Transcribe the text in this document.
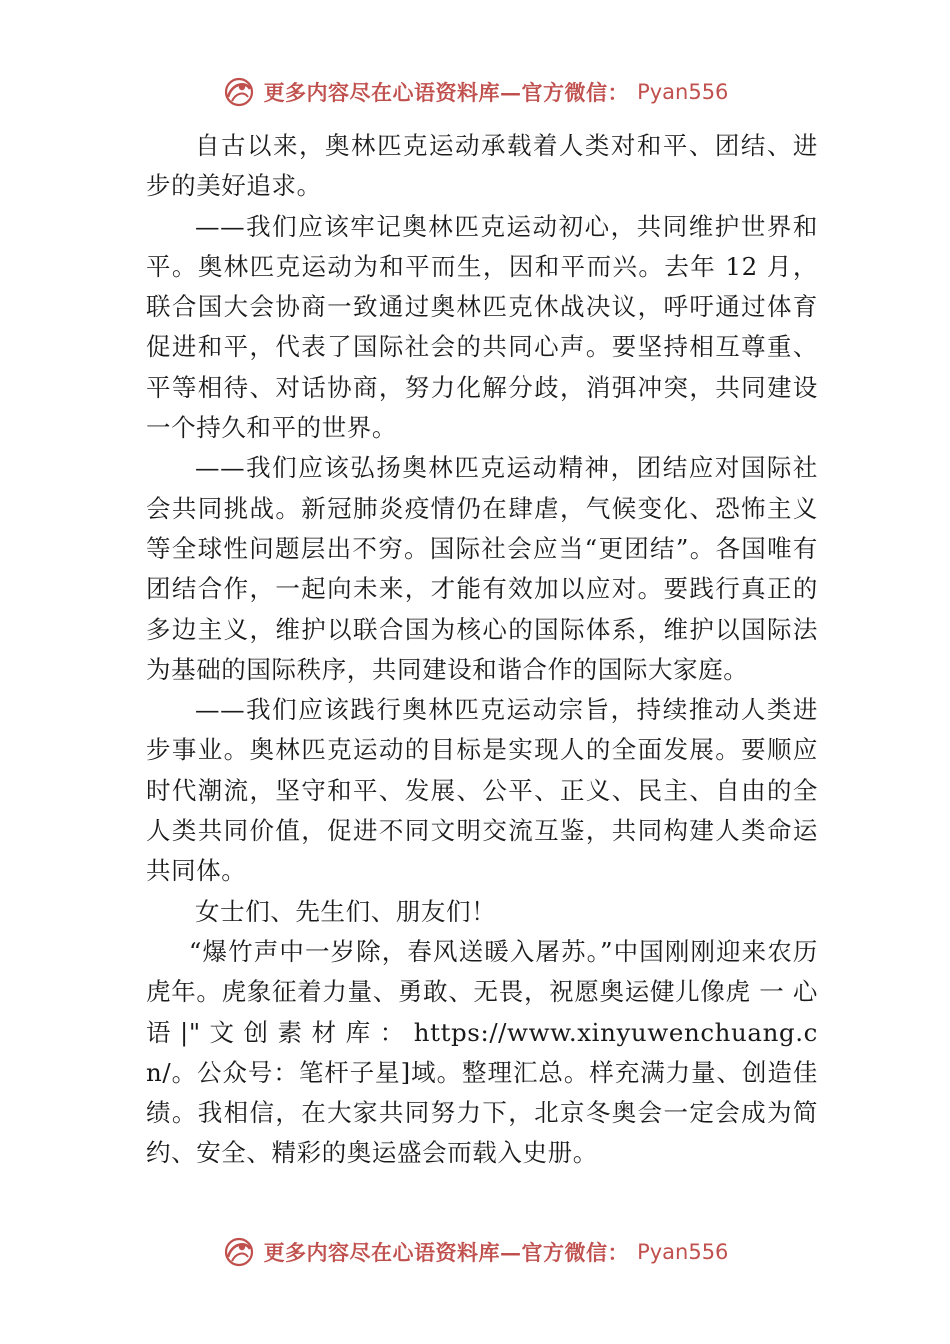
更多内容尽在心语资料库—官方微信： Pyan556

自古以来，奥林匹克运动承载着人类对和平、团结、进步的美好追求。

——我们应该牢记奥林匹克运动初心，共同维护世界和平。奥林匹克运动为和平而生，因和平而兴。去年 12 月，联合国大会协商一致通过奥林匹克休战决议，呼吁通过体育促进和平，代表了国际社会的共同心声。要坚持相互尊重、平等相待、对话协商，努力化解分歧，消弭冲突，共同建设一个持久和平的世界。

——我们应该弘扬奥林匹克运动精神，团结应对国际社会共同挑战。新冠肺炎疫情仍在肆虐，气候变化、恐怖主义等全球性问题层出不穷。国际社会应当“更团结”。各国唯有团结合作，一起向未来，才能有效加以应对。要践行真正的多边主义，维护以联合国为核心的国际体系，维护以国际法为基础的国际秩序，共同建设和谐合作的国际大家庭。

——我们应该践行奥林匹克运动宗旨，持续推动人类进步事业。奥林匹克运动的目标是实现人的全面发展。要顺应时代潮流，坚守和平、发展、公平、正义、民主、自由的全人类共同价值，促进不同文明交流互鉴，共同构建人类命运共同体。

女士们、先生们、朋友们！

“爆竹声中一岁除，春风送暖入屠苏。”中国刚刚迎来农历虎年。虎象征着力量、勇敢、无畏，祝愿奥运健儿像虎 一 心 语 |" 文 创 素 材 库 ： https://www.xinyuwenchuang.cn/。公众号：笔杆子星]域。整理汇总。样充满力量、创造佳绩。我相信，在大家共同努力下，北京冬奥会一定会成为简约、安全、精彩的奥运盛会而载入史册。

更多内容尽在心语资料库—官方微信： Pyan556
